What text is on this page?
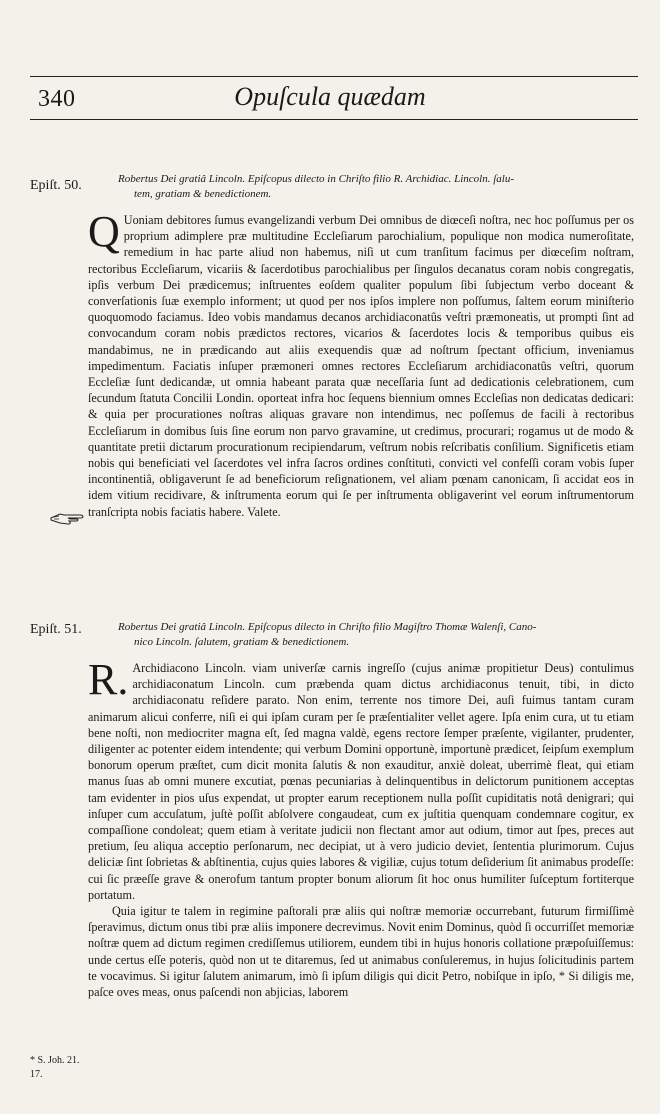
340	Opuſcula quædam
Epiſt. 50.	Robertus Dei gratiâ Lincoln. Epiſcopus dilecto in Chriſto filio R. Archidiac. Lincoln. ſalu-
tem, gratiam & benedictionem.

Q Uoniam debitores ſumus evangelizandi verbum Dei omnibus de diœceſi noſtra, nec hoc poſſumus per os proprium adimplere præ multitudine Eccleſiarum parochialium, populique non modica numeroſitate, remedium in hac parte aliud non habemus, niſi ut cum tranſitum facimus per diœceſim noſtram, rectoribus Eccleſiarum, vicariis & ſacerdotibus parochialibus per ſingulos decanatus coram nobis congregatis, ipſis verbum Dei prædicemus; inſtruentes eoſdem qualiter populum ſibi ſubjectum verbo doceant & converſationis ſuæ exemplo informent; ut quod per nos ipſos implere non poſſumus, ſaltem eorum miniſterio quoquomodo faciamus. Ideo vobis mandamus decanos archidiaconatûs veſtri præmoneatis, ut prompti ſint ad convocandum coram nobis prædictos rectores, vicarios & ſacerdotes locis & temporibus quibus eis mandabimus, ne in prædicando aut aliis exequendis quæ ad noſtrum ſpectant officium, inveniamus impedimentum. Faciatis inſuper præmoneri omnes rectores Eccleſiarum archidiaconatûs veſtri, quorum Eccleſiæ ſunt dedicandæ, ut omnia habeant parata quæ neceſſaria ſunt ad dedicationis celebrationem, cum ſecundum ſtatuta Concilii Londin. oporteat infra hoc ſequens biennium omnes Eccleſias non dedicatas dedicari: & quia per procurationes noſtras aliquas gravare non intendimus, nec poſſemus de facili à rectoribus Eccleſiarum in domibus ſuis ſine eorum non parvo gravamine, ut credimus, procurari; rogamus ut de modo & quantitate pretii dictarum procurationum recipiendarum, veſtrum nobis reſcribatis conſilium. Significetis etiam nobis qui beneficiati vel ſacerdotes vel infra ſacros ordines conſtituti, convicti vel confeſſi coram vobis ſuper incontinentiâ, obligaverunt ſe ad beneficiorum reſignationem, vel aliam pœnam canonicam, ſi accidat eos in idem vitium recidivare, & inſtrumenta eorum qui ſe per inſtrumenta obligaverint vel eorum inſtrumentorum tranſcripta nobis faciatis habere. Valete.

Epiſt. 51.	Robertus Dei gratiâ Lincoln. Epiſcopus dilecto in Chriſto filio Magiſtro Thomæ Walenſi, Cano-
nico Lincoln. ſalutem, gratiam & benedictionem.

R. Archidiacono Lincoln. viam univerſæ carnis ingreſſo (cujus animæ propitietur Deus) contulimus archidiaconatum Lincoln. cum præbenda quam dictus archidiaconus tenuit, tibi, in dicto archidiaconatu reſidere parato. Non enim, terrente nos timore Dei, auſi fuimus tantam curam animarum alicui conferre, niſi ei qui ipſam curam per ſe præſentialiter vellet agere. Ipſa enim cura, ut tu etiam bene noſti, non mediocriter magna eſt, ſed magna valdè, egens rectore ſemper præſente, vigilanter, prudenter, diligenter ac potenter eidem intendente; qui verbum Domini opportunè, importunè prædicet, ſeipſum exemplum bonorum operum præſtet, cum dicit monita ſalutis & non exauditur, anxiè doleat, uberrimè fleat, qui etiam manus ſuas ab omni munere excutiat, pœnas pecuniarias à delinquentibus in delictorum punitionem acceptas tam evidenter in pios uſus expendat, ut propter earum receptionem nulla poſſit cupiditatis notâ denigrari; qui inſuper cum accuſatum, juſtè poſſit abſolvere congaudeat, cum ex juſtitia quenquam condemnare cogitur, ex compaſſione condoleat; quem etiam à veritate judicii non flectant amor aut odium, timor aut ſpes, preces aut pretium, ſeu aliqua acceptio perſonarum, nec decipiat, ut à vero judicio deviet, ſententia plurimorum. Cujus deliciæ ſint ſobrietas & abſtinentia, cujus quies labores & vigiliæ, cujus totum deſiderium ſit animabus prodeſſe: cui ſic præeſſe grave & onerofum tantum propter bonum aliorum ſit hoc onus humiliter ſuſceptum fortiterque portatum.

Quia igitur te talem in regimine paſtorali præ aliis qui noſtræ memoriæ occurrebant, futurum firmiſſimè ſperavimus, dictum onus tibi præ aliis imponere decrevimus. Novit enim Dominus, quòd ſi occurriſſet memoriæ noſtræ quem ad dictum regimen crediſſemus utiliorem, eundem tibi in hujus honoris collatione præpoſuiſſemus: unde certus eſſe poteris, quòd non ut te ditaremus, ſed ut animabus conſuleremus, in hujus ſolicitudinis partem te vocavimus. Si igitur ſalutem animarum, imò ſi ipſum diligis qui dicit Petro, nobiſque in ipſo, * Si diligis me, paſce oves meas, onus paſcendi non abjicias, laborem

* S. Joh. 21.
17.
